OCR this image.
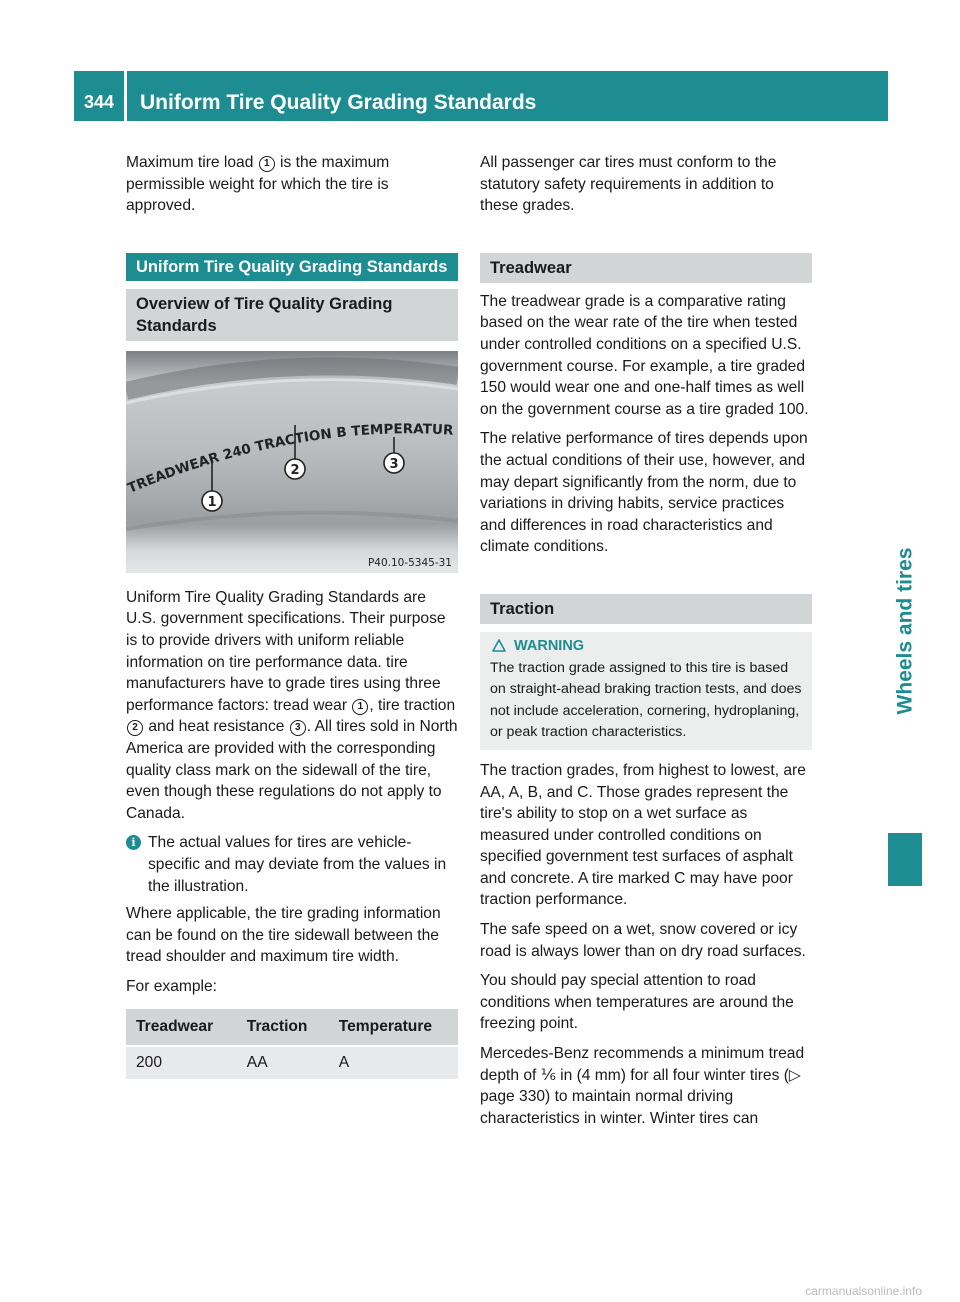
344	Uniform Tire Quality Grading Standards
Wheels and tires

Maximum tire load 1 is the maximum permissible weight for which the tire is approved.

Uniform Tire Quality Grading Standards
Overview of Tire Quality Grading Standards
TREADWEAR 240 TRACTION B TEMPERATUR
1
2	3
P40.10-5345-31

Uniform Tire Quality Grading Standards are U.S. government specifications. Their purpose is to provide drivers with uniform reliable information on tire performance data. tire manufacturers have to grade tires using three performance factors: tread wear 1 , tire traction 2 and heat resistance 3 . All tires sold in North America are provided with the corresponding quality class mark on the sidewall of the tire, even though these regulations do not apply to Canada.

i The actual values for tires are vehicle-specific and may deviate from the values in the illustration.

Where applicable, the tire grading information can be found on the tire sidewall between the tread shoulder and maximum tire width.

For example:

Treadwear	Traction	Temperature
200	AA	A

All passenger car tires must conform to the statutory safety requirements in addition to these grades.

Treadwear

The treadwear grade is a comparative rating based on the wear rate of the tire when tested under controlled conditions on a specified U.S. government course. For example, a tire graded 150 would wear one and one-half times as well on the government course as a tire graded 100.

The relative performance of tires depends upon the actual conditions of their use, however, and may depart significantly from the norm, due to variations in driving habits, service practices and differences in road characteristics and climate conditions.

Traction
WARNING

The traction grade assigned to this tire is based on straight-ahead braking traction tests, and does not include acceleration, cornering, hydroplaning, or peak traction characteristics.

The traction grades, from highest to lowest, are AA, A, B, and C. Those grades represent the tire's ability to stop on a wet surface as measured under controlled conditions on specified government test surfaces of asphalt and concrete. A tire marked C may have poor traction performance.

The safe speed on a wet, snow covered or icy road is always lower than on dry road surfaces.

You should pay special attention to road conditions when temperatures are around the freezing point.

Mercedes-Benz recommends a minimum tread depth of ⅙ in (4 mm) for all four winter tires (▷ page 330) to maintain normal driving characteristics in winter. Winter tires can

carmanualsonline.info
